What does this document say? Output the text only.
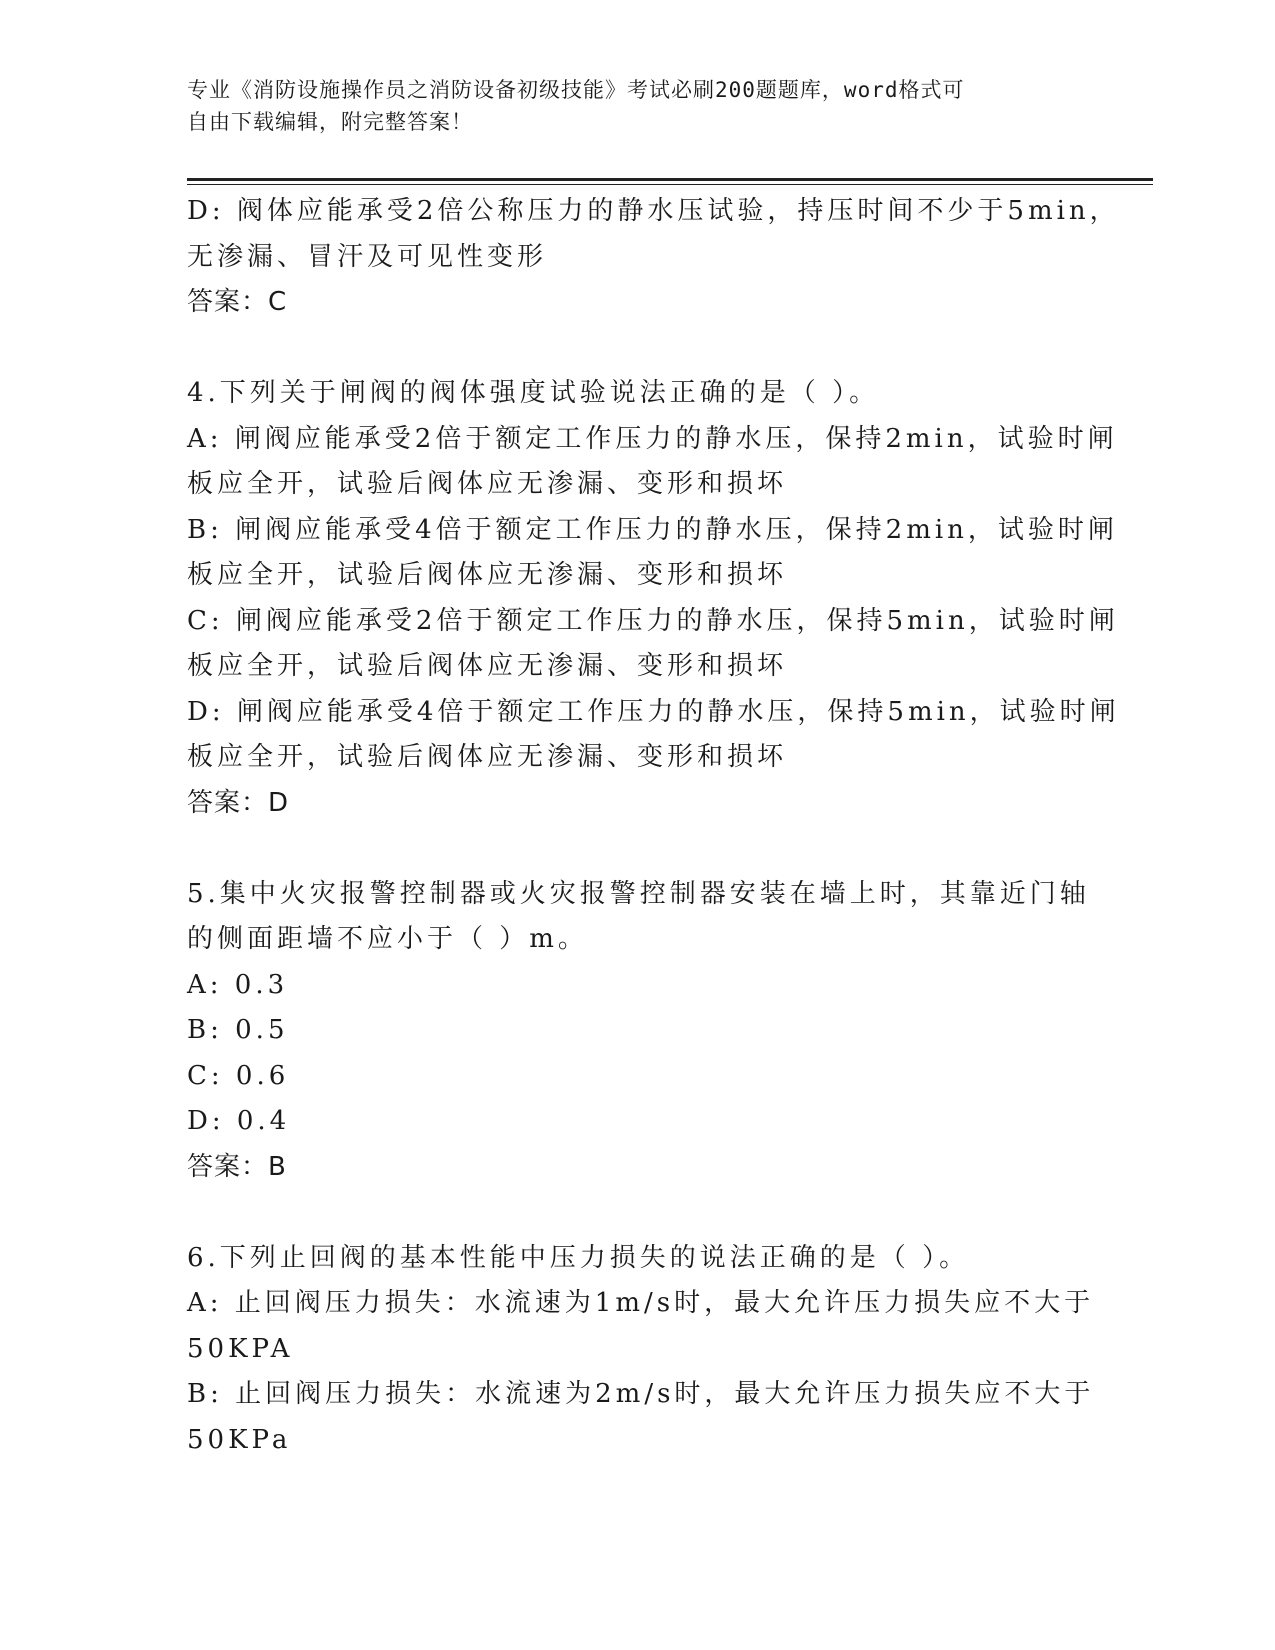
专业《消防设施操作员之消防设备初级技能》考试必刷200题题库，word格式可
自由下载编辑，附完整答案！
D: 阀体应能承受2倍公称压力的静水压试验，持压时间不少于5min，
无渗漏、冒汗及可见性变形
答案：C
4.下列关于闸阀的阀体强度试验说法正确的是（ ）。
A: 闸阀应能承受2倍于额定工作压力的静水压，保持2min，试验时闸
板应全开，试验后阀体应无渗漏、变形和损坏
B: 闸阀应能承受4倍于额定工作压力的静水压，保持2min，试验时闸
板应全开，试验后阀体应无渗漏、变形和损坏
C: 闸阀应能承受2倍于额定工作压力的静水压，保持5min，试验时闸
板应全开，试验后阀体应无渗漏、变形和损坏
D: 闸阀应能承受4倍于额定工作压力的静水压，保持5min，试验时闸
板应全开，试验后阀体应无渗漏、变形和损坏
答案：D
5.集中火灾报警控制器或火灾报警控制器安装在墙上时，其靠近门轴
的侧面距墙不应小于（ ）m。
A: 0.3
B: 0.5
C: 0.6
D: 0.4
答案：B
6.下列止回阀的基本性能中压力损失的说法正确的是（ ）。
A: 止回阀压力损失：水流速为1m/s时，最大允许压力损失应不大于
50KPA
B: 止回阀压力损失：水流速为2m/s时，最大允许压力损失应不大于
50KPa
